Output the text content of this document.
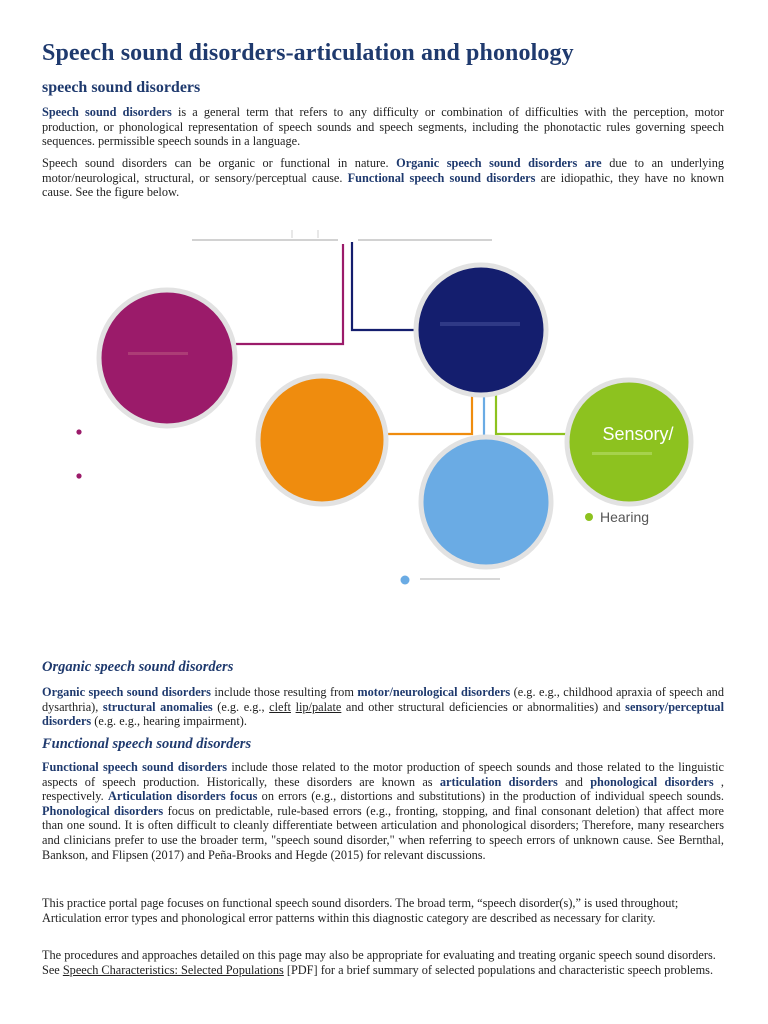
Speech sound disorders-articulation and phonology
speech sound disorders

Speech sound disorders is a general term that refers to any difficulty or combination of difficulties with the perception, motor production, or phonological representation of speech sounds and speech segments, including the phonotactic rules governing speech sequences. permissible speech sounds in a language.

Speech sound disorders can be organic or functional in nature. Organic speech sound disorders are due to an underlying motor/neurological, structural, or sensory/perceptual cause. Functional speech sound disorders are idiopathic, they have no known cause. See the figure below.

Sensory/
Hearing
Organic speech sound disorders

Organic speech sound disorders include those resulting from motor/neurological disorders (e.g. e.g., childhood apraxia of speech and dysarthria), structural anomalies (e.g. e.g., cleft lip/palate and other structural deficiencies or abnormalities) and sensory/perceptual disorders (e.g. e.g., hearing impairment).

Functional speech sound disorders

Functional speech sound disorders include those related to the motor production of speech sounds and those related to the linguistic aspects of speech production. Historically, these disorders are known as articulation disorders and phonological disorders , respectively. Articulation disorders focus on errors (e.g., distortions and substitutions) in the production of individual speech sounds. Phonological disorders focus on predictable, rule-based errors (e.g., fronting, stopping, and final consonant deletion) that affect more than one sound. It is often difficult to cleanly differentiate between articulation and phonological disorders; Therefore, many researchers and clinicians prefer to use the broader term, "speech sound disorder," when referring to speech errors of unknown cause. See Bernthal, Bankson, and Flipsen (2017) and Peña-Brooks and Hegde (2015) for relevant discussions.

This practice portal page focuses on functional speech sound disorders. The broad term, “speech disorder(s),” is used throughout; Articulation error types and phonological error patterns within this diagnostic category are described as necessary for clarity.

The procedures and approaches detailed on this page may also be appropriate for evaluating and treating organic speech sound disorders. See Speech Characteristics: Selected Populations [PDF] for a brief summary of selected populations and characteristic speech problems.
